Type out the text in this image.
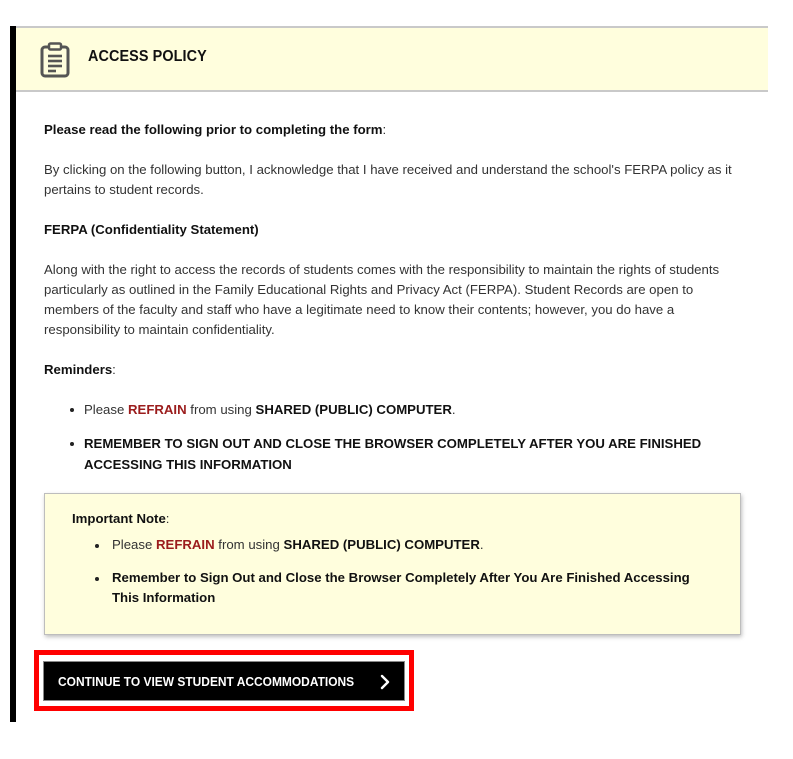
ACCESS POLICY

Please read the following prior to completing the form:

By clicking on the following button, I acknowledge that I have received and understand the school's FERPA policy as it pertains to student records.

FERPA (Confidentiality Statement)

Along with the right to access the records of students comes with the responsibility to maintain the rights of students particularly as outlined in the Family Educational Rights and Privacy Act (FERPA). Student Records are open to members of the faculty and staff who have a legitimate need to know their contents; however, you do have a responsibility to maintain confidentiality.

Reminders:

Please REFRAIN from using SHARED (PUBLIC) COMPUTER.
REMEMBER TO SIGN OUT AND CLOSE THE BROWSER COMPLETELY AFTER YOU ARE FINISHED ACCESSING THIS INFORMATION

Important Note:

Please REFRAIN from using SHARED (PUBLIC) COMPUTER.
Remember to Sign Out and Close the Browser Completely After You Are Finished Accessing This Information
CONTINUE TO VIEW STUDENT ACCOMMODATIONS
